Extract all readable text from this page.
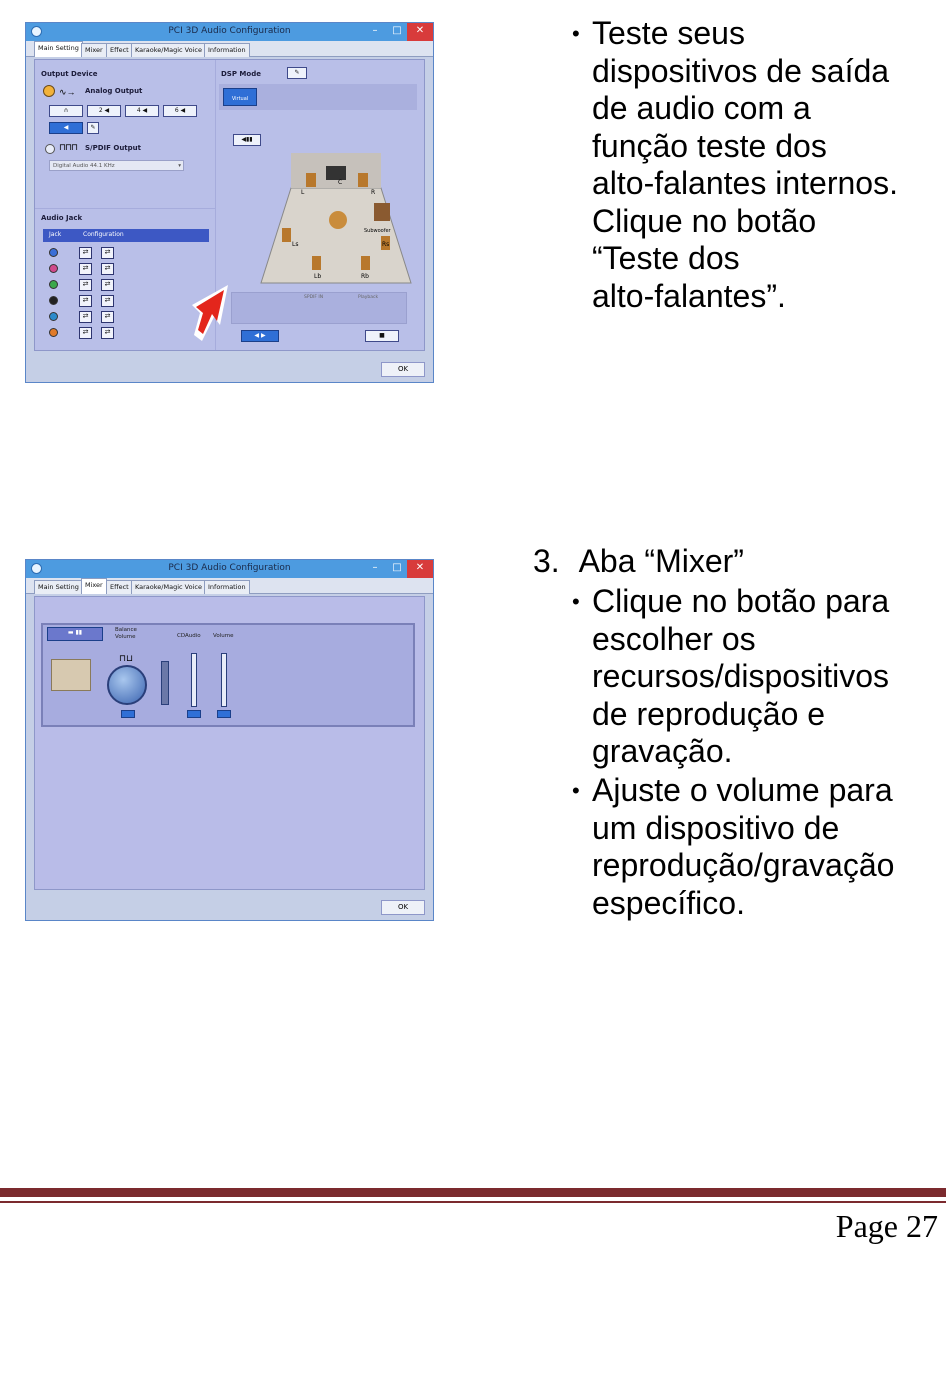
PCI 3D Audio Configuration	–	□	✕
Main Setting Mixer	Effect Karaoke/Magic Voice Information
Output Device
Analog Output
∿→
∩	2 ◀	4 ◀	6 ◀
◀	✎
⊓⊓⊓ S/PDIF Output
Digital Audio 44.1 KHz	▾
Audio Jack
Jack	Configuration
⇄	⇄
⇄	⇄
⇄	⇄
⇄	⇄
⇄	⇄
⇄	⇄
DSP Mode	✎

Virtual
◀▮▮
SPDIF IN	Playback
◀ ▶	■
L
C
R
Subwoofer
Ls	Rs
Lb	Rb
OK
PCI 3D Audio Configuration	–	□	✕
Main Setting Mixer	Effect Karaoke/Magic Voice Information
▬ ▮▮	Balance Volume	CDAudio Volume
⊓⊔
OK
• Teste seus
dispositivos de saída
de audio com a
função teste dos
alto-falantes internos.
Clique no botão
“Teste dos
alto-falantes”.
3. Aba “Mixer”
• Clique no botão para
escolher os
recursos/dispositivos
de reprodução e
gravação.
• Ajuste o volume para
um dispositivo de
reprodução/gravação
específico.
Page 27
